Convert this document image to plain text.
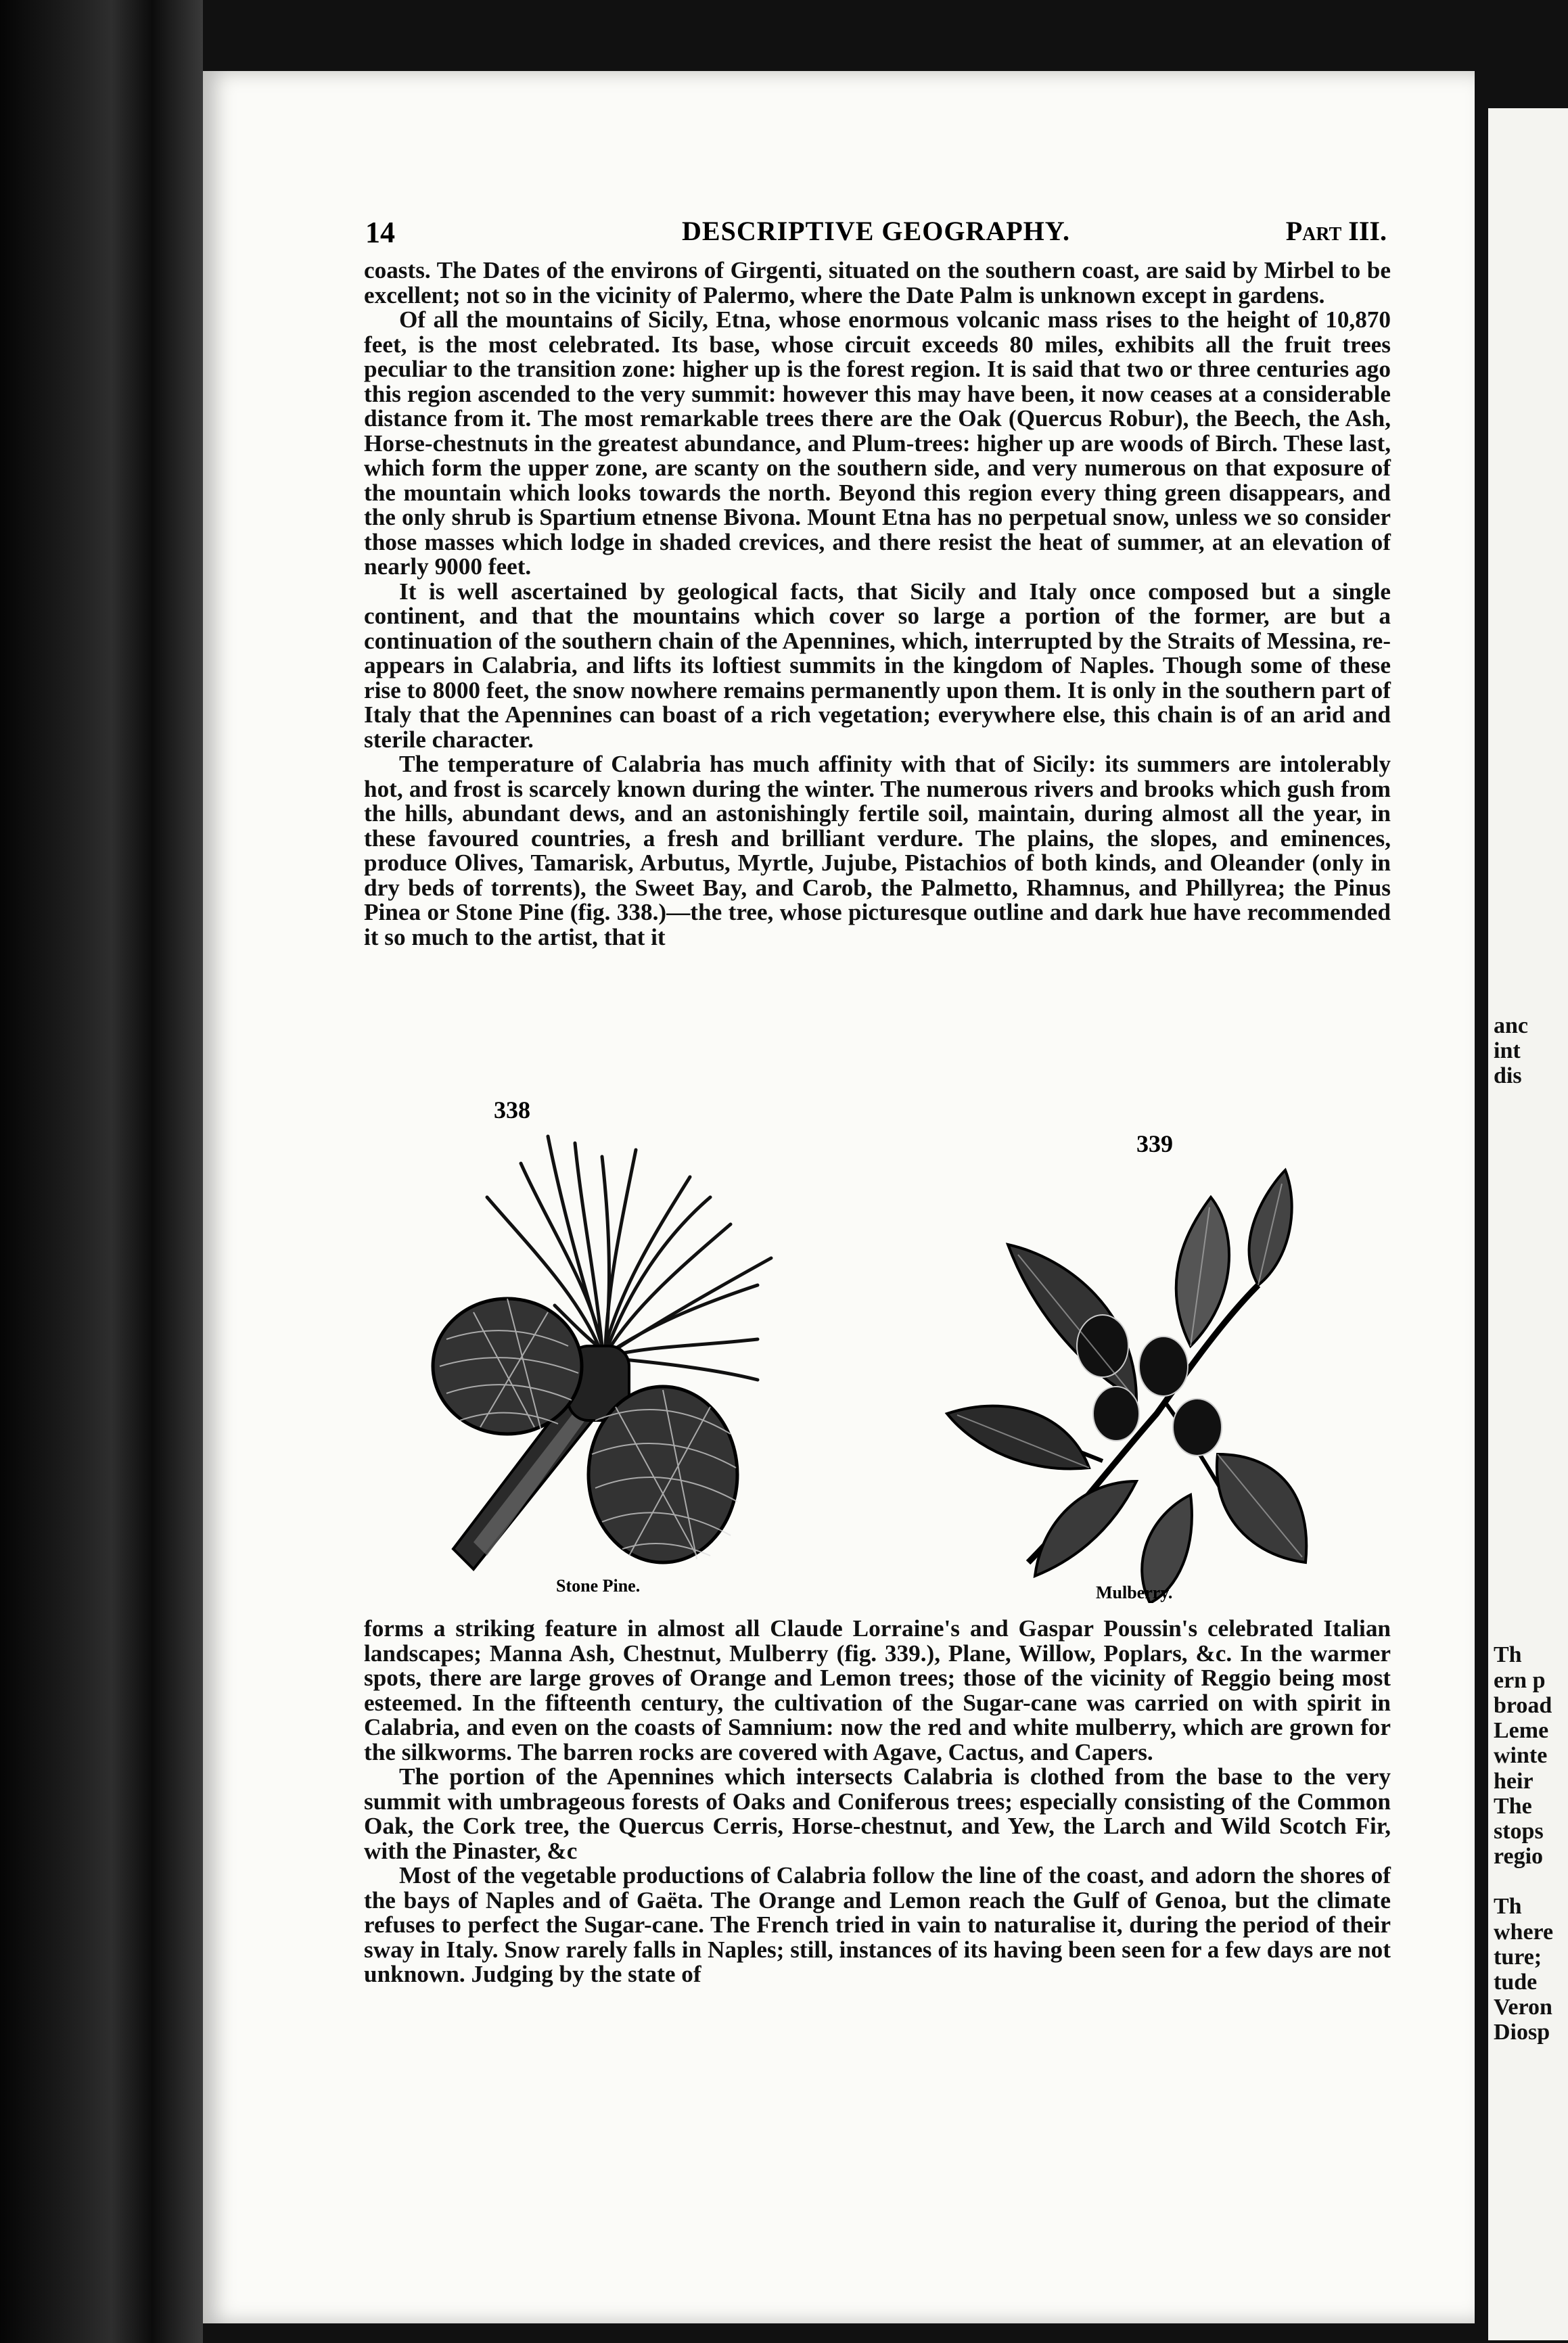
anc
int
dis
Th
ern p
broad
Leme
winte
heir
The
stops
regio
Th
where
ture;
tude
Veron
Diosp
14	DESCRIPTIVE GEOGRAPHY.	Part III.

coasts. The Dates of the environs of Girgenti, situated on the southern coast, are said by Mirbel to be excellent; not so in the vicinity of Palermo, where the Date Palm is unknown except in gardens.

Of all the mountains of Sicily, Etna, whose enormous volcanic mass rises to the height of 10,870 feet, is the most celebrated. Its base, whose circuit exceeds 80 miles, exhibits all the fruit trees peculiar to the transition zone: higher up is the forest region. It is said that two or three centuries ago this region ascended to the very summit: however this may have been, it now ceases at a considerable distance from it. The most remarkable trees there are the Oak (Quercus Robur), the Beech, the Ash, Horse-chestnuts in the greatest abundance, and Plum-trees: higher up are woods of Birch. These last, which form the upper zone, are scanty on the southern side, and very numerous on that exposure of the mountain which looks towards the north. Beyond this region every thing green disappears, and the only shrub is Spartium etnense Bivona. Mount Etna has no perpetual snow, unless we so consider those masses which lodge in shaded crevices, and there resist the heat of summer, at an elevation of nearly 9000 feet.

It is well ascertained by geological facts, that Sicily and Italy once composed but a single continent, and that the mountains which cover so large a portion of the former, are but a continuation of the southern chain of the Apennines, which, interrupted by the Straits of Messina, re-appears in Calabria, and lifts its loftiest summits in the kingdom of Naples. Though some of these rise to 8000 feet, the snow nowhere remains permanently upon them. It is only in the southern part of Italy that the Apennines can boast of a rich vegetation; everywhere else, this chain is of an arid and sterile character.

The temperature of Calabria has much affinity with that of Sicily: its summers are intolerably hot, and frost is scarcely known during the winter. The numerous rivers and brooks which gush from the hills, abundant dews, and an astonishingly fertile soil, maintain, during almost all the year, in these favoured countries, a fresh and brilliant verdure. The plains, the slopes, and eminences, produce Olives, Tamarisk, Arbutus, Myrtle, Jujube, Pistachios of both kinds, and Oleander (only in dry beds of torrents), the Sweet Bay, and Carob, the Palmetto, Rhamnus, and Phillyrea; the Pinus Pinea or Stone Pine (fig. 338.)—the tree, whose picturesque outline and dark hue have recommended it so much to the artist, that it

338
Stone Pine.
339
Mulberry.

forms a striking feature in almost all Claude Lorraine's and Gaspar Poussin's celebrated Italian landscapes; Manna Ash, Chestnut, Mulberry (fig. 339.), Plane, Willow, Poplars, &c. In the warmer spots, there are large groves of Orange and Lemon trees; those of the vicinity of Reggio being most esteemed. In the fifteenth century, the cultivation of the Sugar-cane was carried on with spirit in Calabria, and even on the coasts of Samnium: now the red and white mulberry, which are grown for the silkworms. The barren rocks are covered with Agave, Cactus, and Capers.

The portion of the Apennines which intersects Calabria is clothed from the base to the very summit with umbrageous forests of Oaks and Coniferous trees; especially consisting of the Common Oak, the Cork tree, the Quercus Cerris, Horse-chestnut, and Yew, the Larch and Wild Scotch Fir, with the Pinaster, &c

Most of the vegetable productions of Calabria follow the line of the coast, and adorn the shores of the bays of Naples and of Gaëta. The Orange and Lemon reach the Gulf of Genoa, but the climate refuses to perfect the Sugar-cane. The French tried in vain to naturalise it, during the period of their sway in Italy. Snow rarely falls in Naples; still, instances of its having been seen for a few days are not unknown. Judging by the state of
